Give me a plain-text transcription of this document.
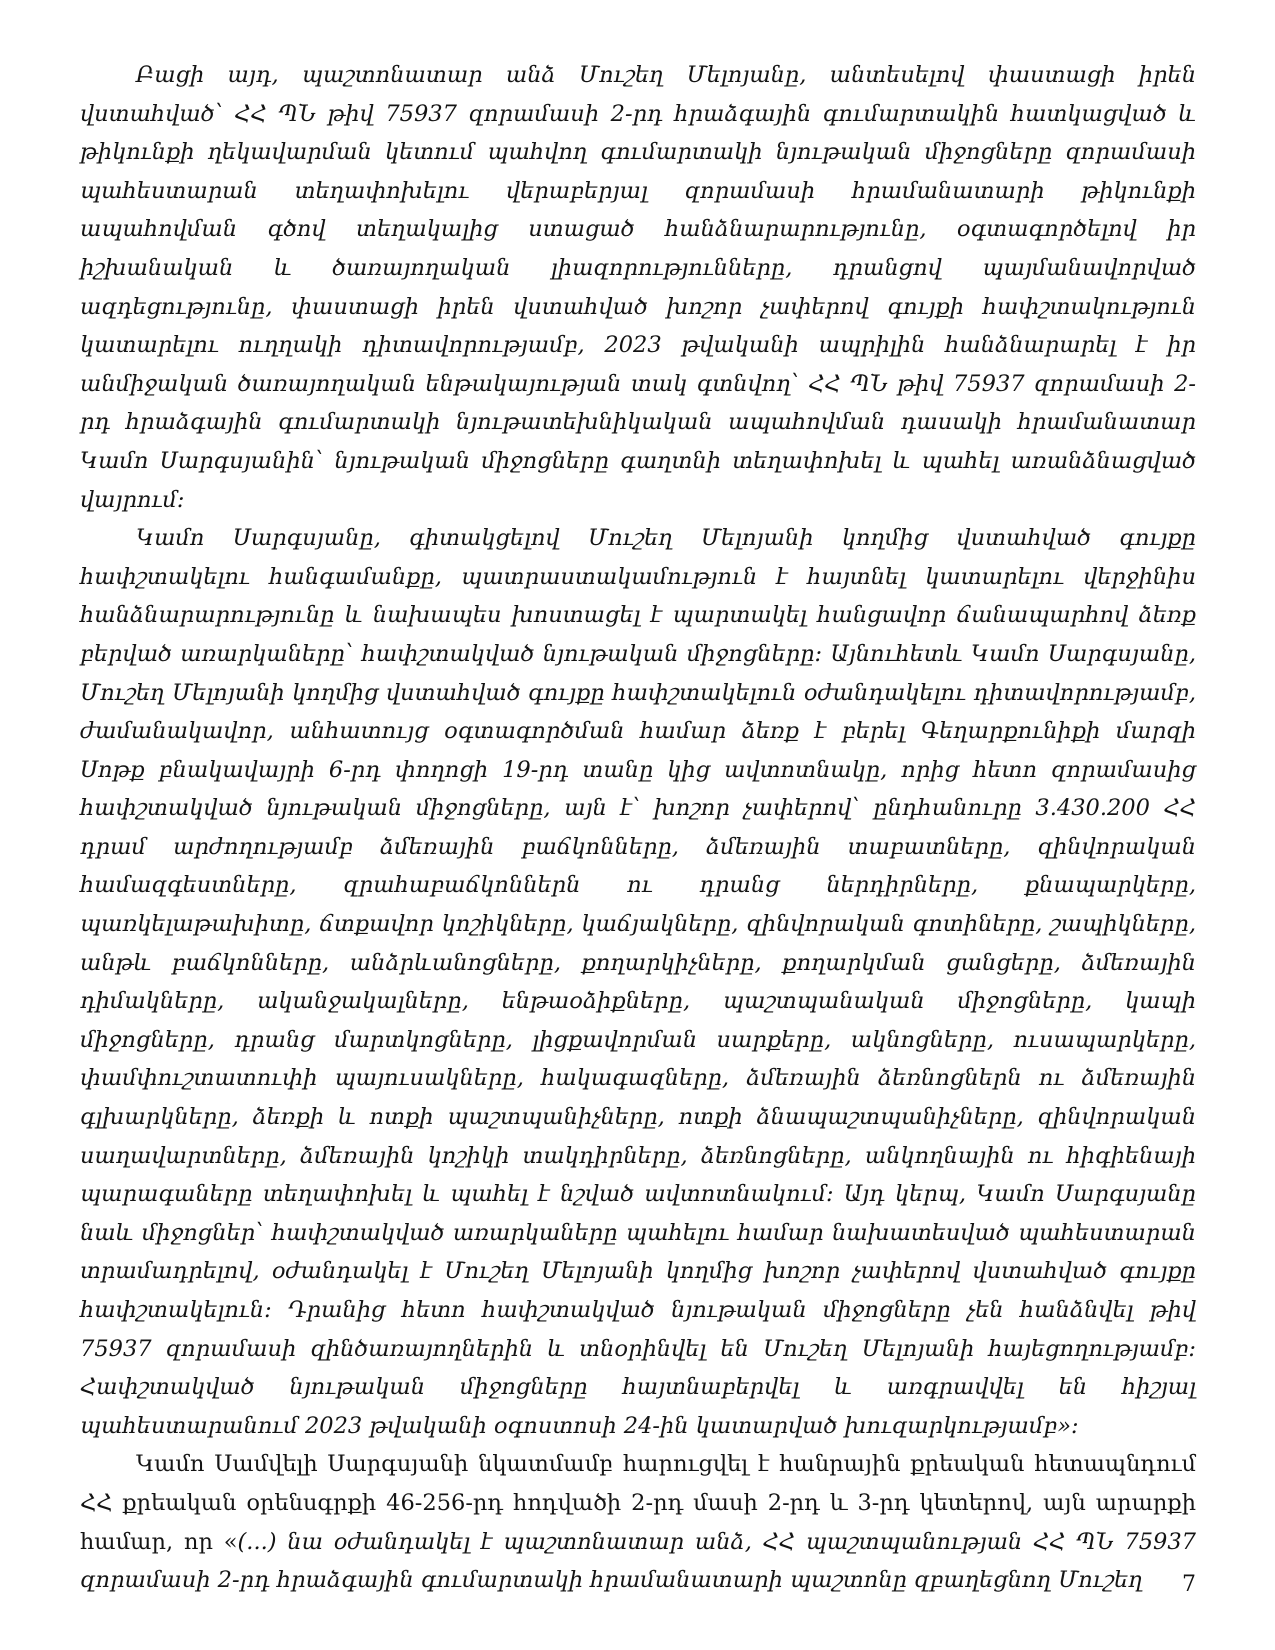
Բացի այդ, պաշտոնատար անձ Մուշեղ Մելոյանը, անտեսելով փաստացի իրեն վստահված՝ ՀՀ ՊՆ թիվ 75937 զորամասի 2-րդ հրաձգային գումարտակին հատկացված և թիկունքի ղեկավարման կետում պահվող գումարտակի նյութական միջոցները զորամասի պահեստարան տեղափոխելու վերաբերյալ զորամասի հրամանատարի թիկունքի ապահովման գծով տեղակալից ստացած հանձնարարությունը, օգտագործելով իր իշխանական և ծառայողական լիազորությունները, դրանցով պայմանավորված ազդեցությունը, փաստացի իրեն վստահված խոշոր չափերով գույքի հափշտակություն կատարելու ուղղակի դիտավորությամբ, 2023 թվականի ապրիլին հանձնարարել է իր անմիջական ծառայողական ենթակայության տակ գտնվող՝ ՀՀ ՊՆ թիվ 75937 զորամասի 2-րդ հրաձգային գումարտակի նյութատեխնիկական ապահովման դասակի հրամանատար Կամո Սարգսյանին՝ նյութական միջոցները գաղտնի տեղափոխել և պահել առանձնացված վայրում:

Կամո Սարգսյանը, գիտակցելով Մուշեղ Մելոյանի կողմից վստահված գույքը հափշտակելու հանգամանքը, պատրաստակամություն է հայտնել կատարելու վերջինիս հանձնարարությունը և նախապես խոստացել է պարտակել հանցավոր ճանապարհով ձեռք բերված առարկաները՝ հափշտակված նյութական միջոցները: Այնուհետև Կամո Սարգսյանը, Մուշեղ Մելոյանի կողմից վստահված գույքը հափշտակելուն օժանդակելու դիտավորությամբ, ժամանակավոր, անհատույց օգտագործման համար ձեռք է բերել Գեղարքունիքի մարզի Սոթք բնակավայրի 6-րդ փողոցի 19-րդ տանը կից ավտոտնակը, որից հետո զորամասից հափշտակված նյութական միջոցները, այն է՝ խոշոր չափերով՝ ընդհանուրը 3.430.200 ՀՀ դրամ արժողությամբ ձմեռային բաճկոնները, ձմեռային տաբատները, զինվորական համազգեստները, զրահաբաճկոններն ու դրանց ներդիրները, քնապարկերը, պառկելաթախիտը, ճտքավոր կոշիկները, կաճյակները, զինվորական գոտիները, շապիկները, անթև բաճկոնները, անձրևանոցները, քողարկիչները, քողարկման ցանցերը, ձմեռային դիմակները, ականջակալները, ենթաօձիքները, պաշտպանական միջոցները, կապի միջոցները, դրանց մարտկոցները, լիցքավորման սարքերը, ակնոցները, ուսապարկերը, փամփուշտատուփի պայուսակները, հակագազները, ձմեռային ձեռնոցներն ու ձմեռային գլխարկները, ձեռքի և ոտքի պաշտպանիչները, ոտքի ձնապաշտպանիչները, զինվորական սաղավարտները, ձմեռային կոշիկի տակդիրները, ձեռնոցները, անկողնային ու հիգիենայի պարագաները տեղափոխել և պահել է նշված ավտոտնակում: Այդ կերպ, Կամո Սարգսյանը նաև միջոցներ՝ հափշտակված առարկաները պահելու համար նախատեսված պահեստարան տրամադրելով, օժանդակել է Մուշեղ Մելոյանի կողմից խոշոր չափերով վստահված գույքը հափշտակելուն: Դրանից հետո հափշտակված նյութական միջոցները չեն հանձնվել թիվ 75937 զորամասի զինծառայողներին և տնօրինվել են Մուշեղ Մելոյանի հայեցողությամբ: Հափշտակված նյութական միջոցները հայտնաբերվել և առգրավվել են հիշյալ պահեստարանում 2023 թվականի օգոստոսի 24-ին կատարված խուզարկությամբ»:

Կամո Սամվելի Սարգսյանի նկատմամբ հարուցվել է հանրային քրեական հետապնդում ՀՀ քրեական օրենսգրքի 46-256-րդ հոդվածի 2-րդ մասի 2-րդ և 3-րդ կետերով, այն արարքի համար, որ «(...) նա օժանդակել է պաշտոնատար անձ, ՀՀ պաշտպանության ՀՀ ՊՆ 75937 զորամասի 2-րդ հրաձգային գումարտակի հրամանատարի պաշտոնը զբաղեցնող Մուշեղ	7
